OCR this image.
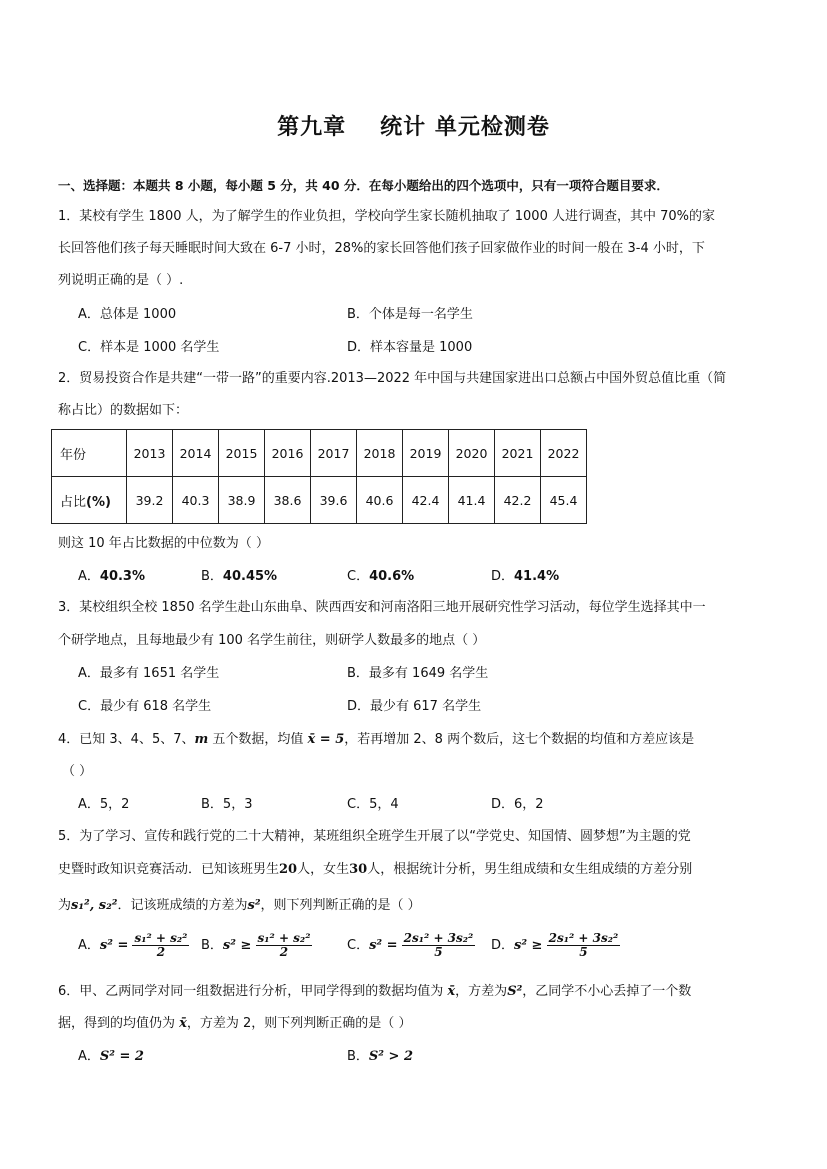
第九章 统计 单元检测卷
一、选择题：本题共 8 小题，每小题 5 分，共 40 分．在每小题给出的四个选项中，只有一项符合题目要求．
1．某校有学生 1800 人，为了解学生的作业负担，学校向学生家长随机抽取了 1000 人进行调查，其中 70%的家
长回答他们孩子每天睡眠时间大致在 6-7 小时，28%的家长回答他们孩子回家做作业的时间一般在 3-4 小时，下
列说明正确的是（ ）.
A．总体是 1000	B．个体是每一名学生
C．样本是 1000 名学生	D．样本容量是 1000
2．贸易投资合作是共建“一带一路”的重要内容.2013—2022 年中国与共建国家进出口总额占中国外贸总值比重（简
称占比）的数据如下：
年份	2013	2014	2015	2016	2017	2018	2019	2020	2021	2022
占比(%)	39.2	40.3	38.9	38.6	39.6	40.6	42.4	41.4	42.2	45.4
则这 10 年占比数据的中位数为（ ）
A．40.3%	B．40.45%	C．40.6%	D．41.4%
3．某校组织全校 1850 名学生赴山东曲阜、陕西西安和河南洛阳三地开展研究性学习活动，每位学生选择其中一
个研学地点，且每地最少有 100 名学生前往，则研学人数最多的地点（ ）
A．最多有 1651 名学生	B．最多有 1649 名学生
C．最少有 618 名学生	D．最少有 617 名学生
4．已知 3、4、5、7、m 五个数据，均值 x̄ = 5，若再增加 2、8 两个数后，这七个数据的均值和方差应该是
（ ）
A．5，2	B．5，3	C．5，4	D．6，2
5．为了学习、宣传和践行党的二十大精神，某班组织全班学生开展了以“学党史、知国情、圆梦想”为主题的党
史暨时政知识竞赛活动．已知该班男生20人，女生30人，根据统计分析，男生组成绩和女生组成绩的方差分别
为s₁², s₂²．记该班成绩的方差为s²，则下列判断正确的是（ ）
A．$s^2 = \frac{\text{s₁² + s₂²}}{2}$ B．$s^2 \ge \frac{\text{s₁² + s₂²}}{2}$	C．$s^2 = \frac{\text{2s₁² + 3s₂²}}{5}$ D．$s^2 \ge \frac{\text{2s₁² + 3s₂²}}{5}$
6．甲、乙两同学对同一组数据进行分析，甲同学得到的数据均值为 x̄，方差为S²，乙同学不小心丢掉了一个数
据，得到的均值仍为 x̄，方差为 2，则下列判断正确的是（ ）
A．S² = 2	B．S² > 2
